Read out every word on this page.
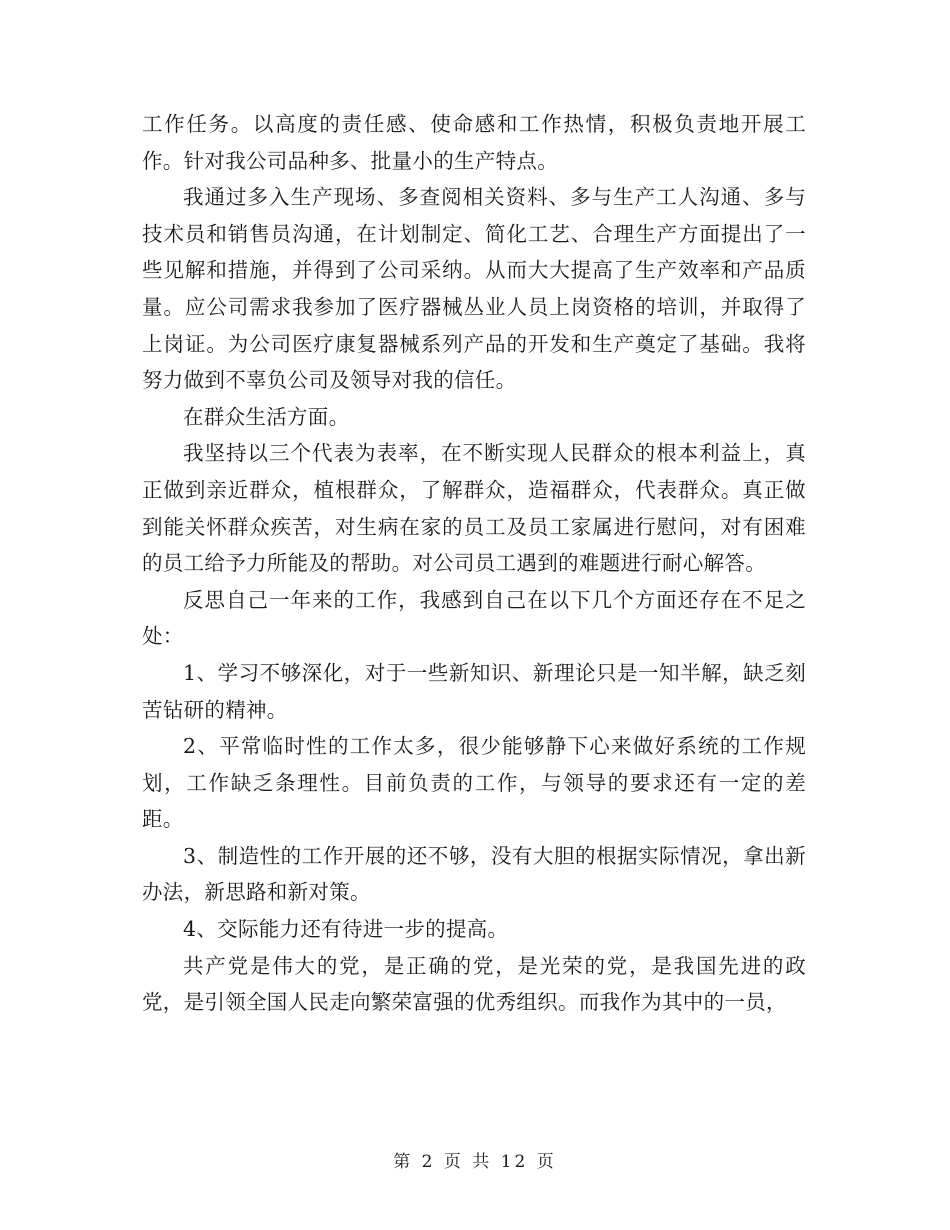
工作任务。以高度的责任感、使命感和工作热情，积极负责地开展工作。针对我公司品种多、批量小的生产特点。

我通过多入生产现场、多查阅相关资料、多与生产工人沟通、多与技术员和销售员沟通，在计划制定、简化工艺、合理生产方面提出了一些见解和措施，并得到了公司采纳。从而大大提高了生产效率和产品质量。应公司需求我参加了医疗器械丛业人员上岗资格的培训，并取得了上岗证。为公司医疗康复器械系列产品的开发和生产奠定了基础。我将努力做到不辜负公司及领导对我的信任。

在群众生活方面。

我坚持以三个代表为表率，在不断实现人民群众的根本利益上，真正做到亲近群众，植根群众，了解群众，造福群众，代表群众。真正做到能关怀群众疾苦，对生病在家的员工及员工家属进行慰问，对有困难的员工给予力所能及的帮助。对公司员工遇到的难题进行耐心解答。

反思自己一年来的工作，我感到自己在以下几个方面还存在不足之处：

1、学习不够深化，对于一些新知识、新理论只是一知半解，缺乏刻苦钻研的精神。

2、平常临时性的工作太多，很少能够静下心来做好系统的工作规划，工作缺乏条理性。目前负责的工作，与领导的要求还有一定的差距。

3、制造性的工作开展的还不够，没有大胆的根据实际情况，拿出新办法，新思路和新对策。

4、交际能力还有待进一步的提高。

共产党是伟大的党，是正确的党，是光荣的党，是我国先进的政党，是引领全国人民走向繁荣富强的优秀组织。而我作为其中的一员，

第 2 页 共 12 页
